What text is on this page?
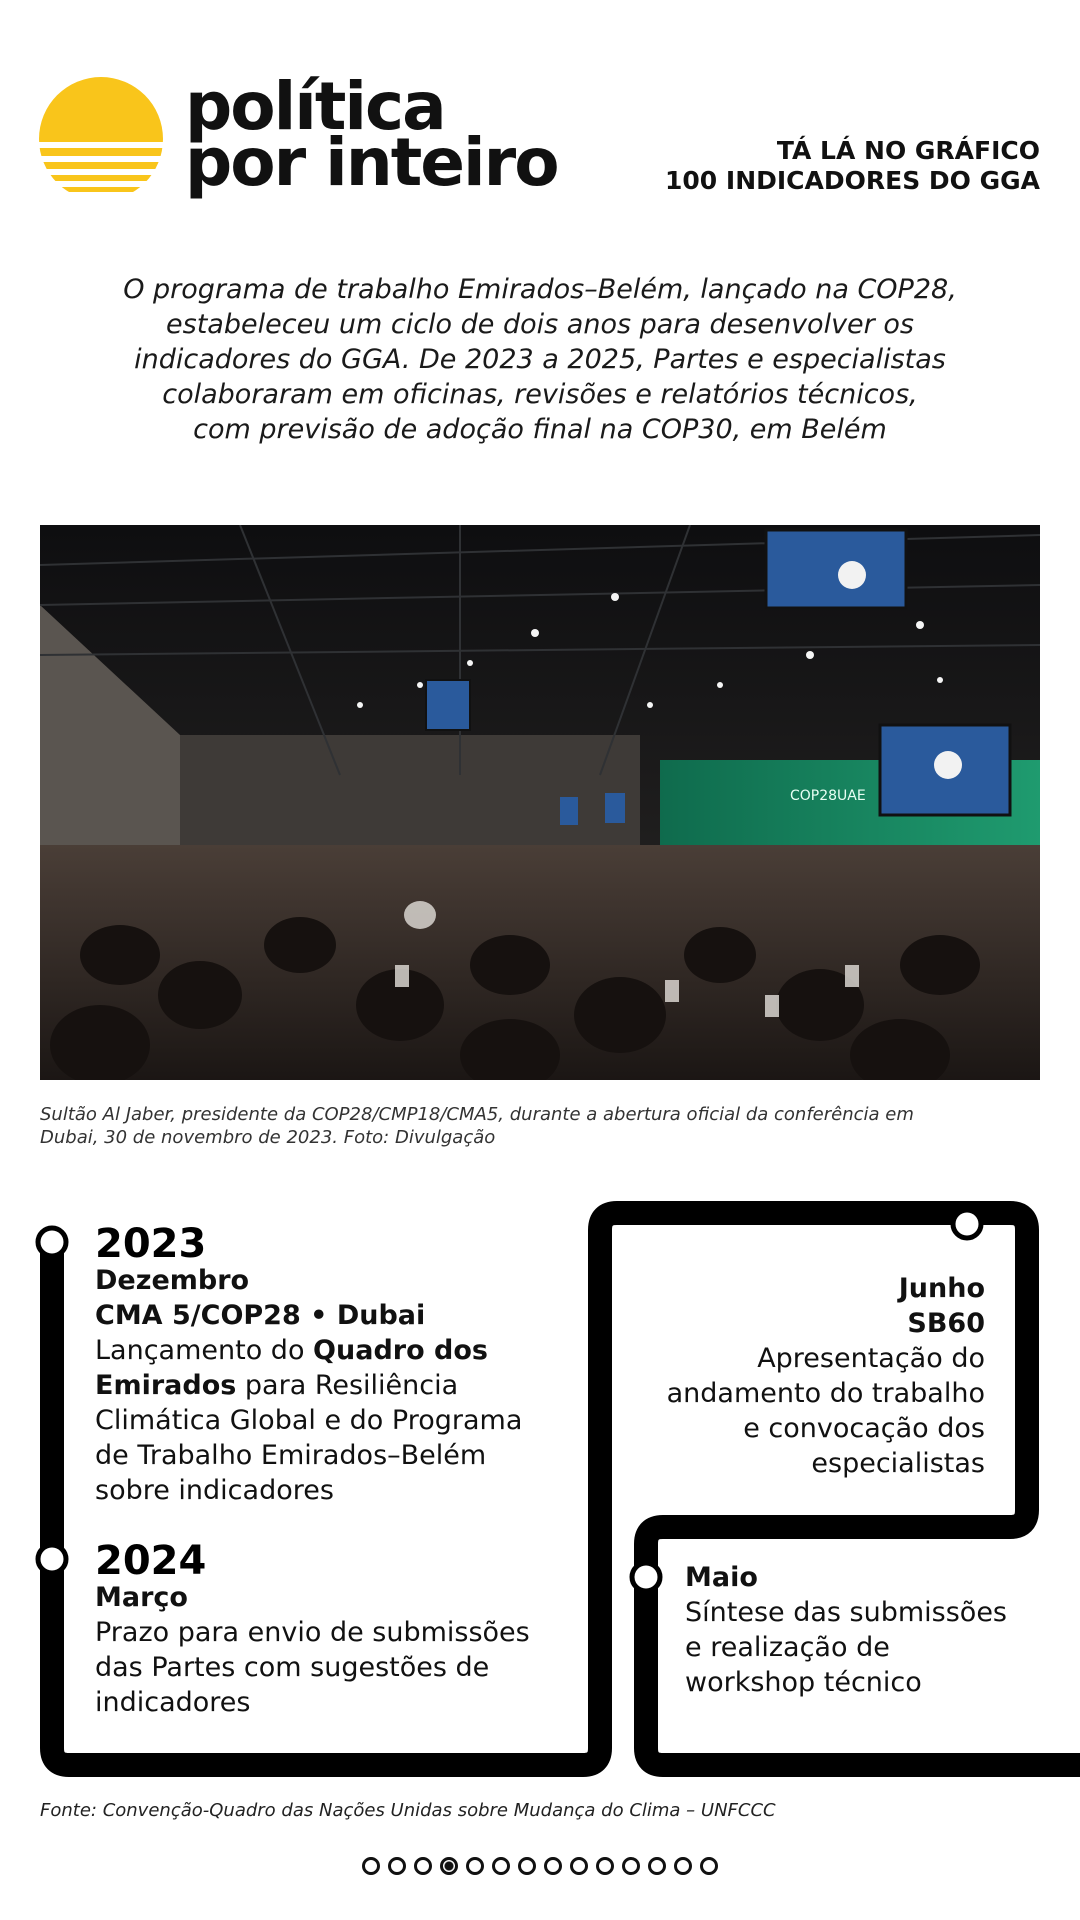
política
por inteiro	TÁ LÁ NO GRÁFICO
100 INDICADORES DO GGA
O programa de trabalho Emirados–Belém, lançado na COP28,
estabeleceu um ciclo de dois anos para desenvolver os
indicadores do GGA. De 2023 a 2025, Partes e especialistas
colaboraram em oficinas, revisões e relatórios técnicos,
com previsão de adoção final na COP30, em Belém
COP28UAE
Sultão Al Jaber, presidente da COP28/CMP18/CMA5, durante a abertura oficial da conferência em
Dubai, 30 de novembro de 2023. Foto: Divulgação
2023
Dezembro
CMA 5/COP28 • Dubai
Lançamento do Quadro dos
Emirados para Resiliência
Climática Global e do Programa
de Trabalho Emirados–Belém
sobre indicadores
2024
Março
Prazo para envio de submissões
das Partes com sugestões de
indicadores
Junho
SB60
Apresentação do
andamento do trabalho
e convocação dos
especialistas
Maio
Síntese das submissões
e realização de
workshop técnico
Fonte: Convenção-Quadro das Nações Unidas sobre Mudança do Clima – UNFCCC
